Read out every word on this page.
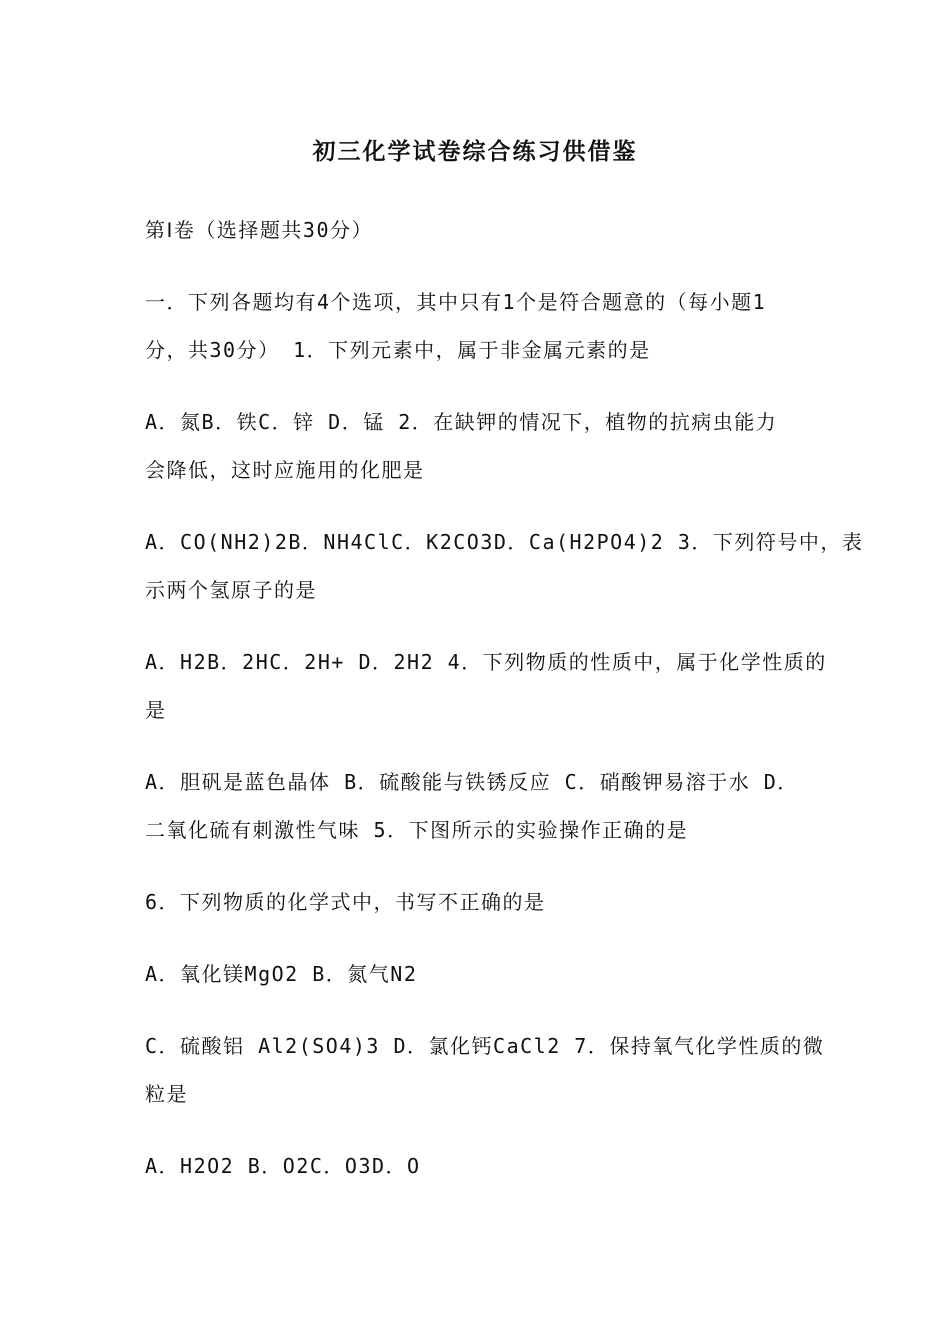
初三化学试卷综合练习供借鉴

第Ⅰ卷（选择题共30分）

一．下列各题均有4个选项，其中只有1个是符合题意的（每小题1
分，共30分） 1．下列元素中，属于非金属元素的是

A．氮B．铁C．锌 D．锰 2．在缺钾的情况下，植物的抗病虫能力
会降低，这时应施用的化肥是

A．CO(NH2)2B．NH4ClC．K2CO3D．Ca(H2PO4)2 3．下列符号中，表
示两个氢原子的是

A．H2B．2HC．2H+ D．2H2 4．下列物质的性质中，属于化学性质的
是

A．胆矾是蓝色晶体 B．硫酸能与铁锈反应 C．硝酸钾易溶于水 D．
二氧化硫有刺激性气味 5．下图所示的实验操作正确的是

6．下列物质的化学式中，书写不正确的是

A．氧化镁MgO2 B．氮气N2

C．硫酸铝 Al2(SO4)3 D．氯化钙CaCl2 7．保持氧气化学性质的微
粒是

A．H2O2 B．O2C．O3D．O
